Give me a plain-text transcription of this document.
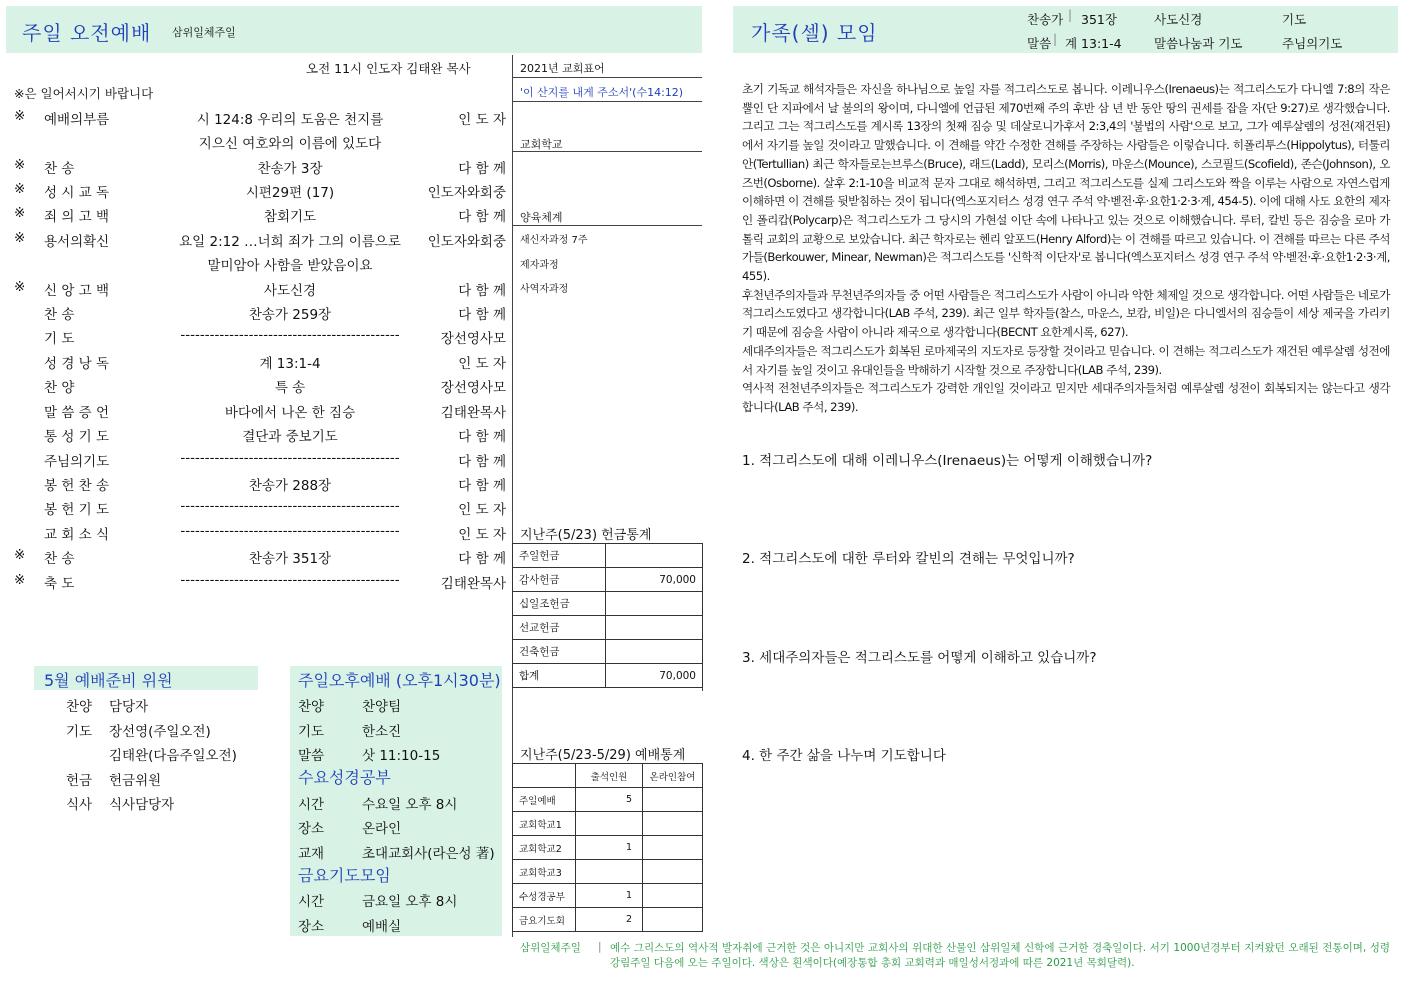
주일 오전예배 삼위일체주일	가족(셀) 모임
찬송가 | 351장	사도신경	기도
말씀 | 계 13:1-4	말씀나눔과 기도	주님의기도
오전 11시 인도자 김태완 목사
※은 일어서시기 바랍니다
※ 예배의부름	시 124:8 우리의 도움은 천지를	인 도 자
지으신 여호와의 이름에 있도다
※ 찬 송	찬송가 3장	다 함 께
※ 성 시 교 독	시편29편 (17)	인도자와회중
※ 죄 의 고 백	참회기도	다 함 께
※ 용서의확신	요일 2:12 …너희 죄가 그의 이름으로	인도자와회중
말미암아 사함을 받았음이요
※ 신 앙 고 백	사도신경	다 함 께
찬 송	찬송가 259장	다 함 께
기 도	---------------------------------------------	장선영사모
성 경 낭 독	계 13:1-4	인 도 자
찬 양	특 송	장선영사모
말 씀 증 언	바다에서 나온 한 짐승	김태완목사
통 성 기 도	결단과 중보기도	다 함 께
주님의기도	---------------------------------------------	다 함 께
봉 헌 찬 송	찬송가 288장	다 함 께
봉 헌 기 도	---------------------------------------------	인 도 자
교 회 소 식	---------------------------------------------	인 도 자
※ 찬 송	찬송가 351장	다 함 께
※ 축 도	---------------------------------------------	김태완목사
2021년 교회표어
'이 산지를 내게 주소서'(수14:12)
교회학교
양육체계
새신자과정 7주
제자과정
사역자과정
지난주(5/23) 헌금통계
주일헌금	
감사헌금	70,000
십일조헌금	
선교헌금	
건축헌금	
합계	70,000
지난주(5/23-5/29) 예배통계
	출석인원	온라인참여
주일예배	5	
교회학교1		
교회학교2	1	
교회학교3		
수성경공부	1	
금요기도회	2	
5월 예배준비 위원
찬양 담당자
기도 장선영(주일오전)
김태완(다음주일오전)
헌금 헌금위원
식사 식사담당자
주일오후예배 (오후1시30분)
수요성경공부
금요기도모임
찬양	찬양팀
기도	한소진
말씀	삿 11:10-15
시간	수요일 오후 8시
장소	온라인
교재	초대교회사(라은성 著)
시간	금요일 오후 8시
장소	예배실
초기 기독교 해석자들은 자신을 하나님으로 높일 자를 적그리스도로 봅니다. 이레니우스(Irenaeus)는 적그리스도가 다니엘 7:8의 작은 뿔인 단 지파에서 날 불의의 왕이며, 다니엘에 언급된 제70번째 주의 후반 삼 년 반 동안 땅의 권세를 잡을 자(단 9:27)로 생각했습니다. 그리고 그는 적그리스도를 계시록 13장의 첫째 짐승 및 데살로니가후서 2:3,4의 '불법의 사람'으로 보고, 그가 예루살렘의 성전(재건된)에서 자기를 높일 것이라고 말했습니다. 이 견해를 약간 수정한 견해를 주장하는 사람들은 이렇습니다. 히폴리투스(Hippolytus), 터툴리안(Tertullian) 최근 학자들로는브루스(Bruce), 래드(Ladd), 모리스(Morris), 마운스(Mounce), 스코필드(Scofield), 존슨(Johnson), 오즈번(Osborne). 살후 2:1-10을 비교적 문자 그대로 해석하면, 그리고 적그리스도를 실제 그리스도와 짝을 이루는 사람으로 자연스럽게 이해하면 이 견해를 뒷받침하는 것이 됩니다(엑스포지터스 성경 연구 주석 약·벧전·후·요한1·2·3·계, 454-5). 이에 대해 사도 요한의 제자인 폴리캅(Polycarp)은 적그리스도가 그 당시의 가현설 이단 속에 나타나고 있는 것으로 이해했습니다. 루터, 칼빈 등은 짐승을 로마 가톨릭 교회의 교황으로 보았습니다. 최근 학자로는 헨리 알포드(Henry Alford)는 이 견해를 따르고 있습니다. 이 견해를 따르는 다른 주석가들(Berkouwer, Minear, Newman)은 적그리스도를 '신학적 이단자'로 봅니다(엑스포지터스 성경 연구 주석 약·벧전·후·요한1·2·3·계, 455).
후천년주의자들과 무천년주의자들 중 어떤 사람들은 적그리스도가 사람이 아니라 악한 체제일 것으로 생각합니다. 어떤 사람들은 네로가 적그리스도였다고 생각합니다(LAB 주석, 239). 최근 일부 학자들(찰스, 마운스, 보캄, 비일)은 다니엘서의 짐승들이 세상 제국을 가리키기 때문에 짐승을 사람이 아니라 제국으로 생각합니다(BECNT 요한계시록, 627).
세대주의자들은 적그리스도가 회복된 로마제국의 지도자로 등장할 것이라고 믿습니다. 이 견해는 적그리스도가 재건된 예루살렘 성전에서 자기를 높일 것이고 유대인들을 박해하기 시작할 것으로 주장합니다(LAB 주석, 239).
역사적 전천년주의자들은 적그리스도가 강력한 개인일 것이라고 믿지만 세대주의자들처럼 예루살렘 성전이 회복되지는 않는다고 생각합니다(LAB 주석, 239).
1. 적그리스도에 대해 이레니우스(Irenaeus)는 어떻게 이해했습니까?
2. 적그리스도에 대한 루터와 칼빈의 견해는 무엇입니까?
3. 세대주의자들은 적그리스도를 어떻게 이해하고 있습니까?
4. 한 주간 삶을 나누며 기도합니다
삼위일체주일 | 예수 그리스도의 역사적 발자취에 근거한 것은 아니지만 교회사의 위대한 산물인 삼위일체 신학에 근거한 경축일이다. 서기 1000년경부터 지켜왔던 오래된 전통이며, 성령강림주일 다음에 오는 주일이다. 색상은 흰색이다(예장통합 총회 교회력과 매일성서정과에 따른 2021년 목회달력).
